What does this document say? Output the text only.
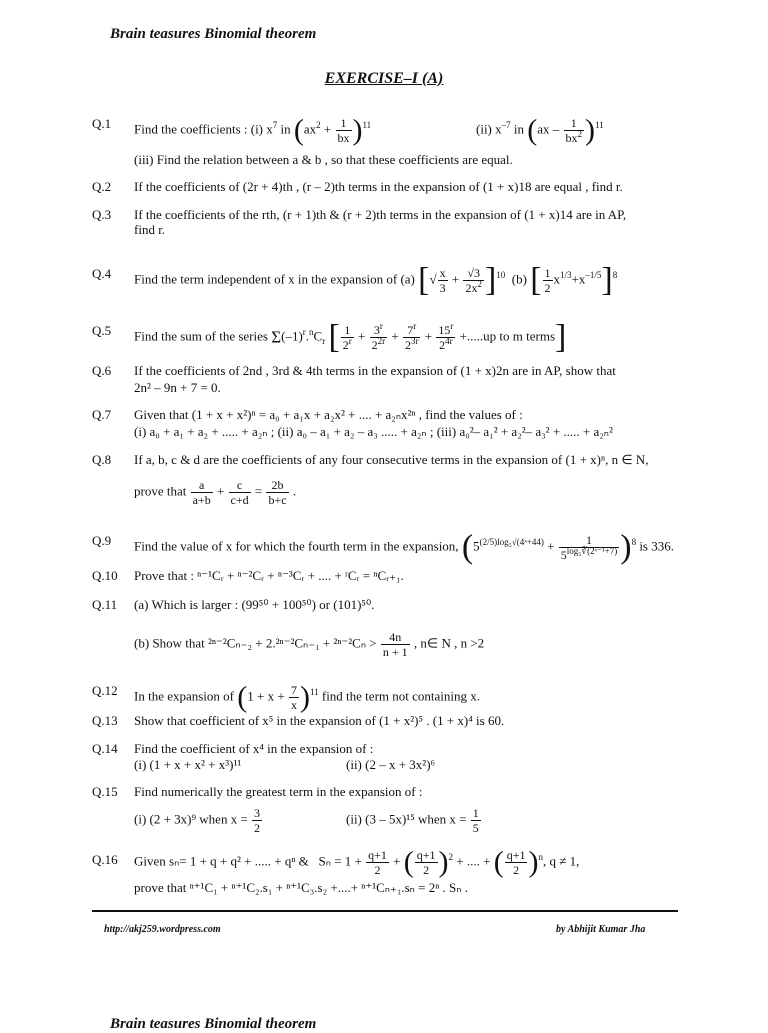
Brain teasures Binomial theorem
EXERCISE–I (A)
Q.1 Find the coefficients : (i) $x^7$ in $(ax^2 + \frac{1}{bx} )^{11}$	(ii) $x^{-7}$ in $(ax - \frac{1}{bx^2} )^{11}$
(iii) Find the relation between a & b , so that these coefficients are equal.
Q.2 If the coefficients of (2r + 4)th , (r – 2)th terms in the expansion of (1 + x)18 are equal , find r.
Q.3 If the coefficients of the rth, (r + 1)th & (r + 2)th terms in the expansion of (1 + x)14 are in AP,
find r.
Q.4 Find the term independent of x in the expansion of (a) [√ $\frac{x}{3} + \frac{√3}{2x^2} ]^{10}$ (b) [ $\frac{1}{2} x^{1/3}+x^{-1/5}]^8$
Q.5 Find the sum of the series $\Sigma(-1)^r.^nC_r$ [ $\frac{1}{2^r} + \frac{3^r}{2^{2r}} + \frac{7^r}{2^{3r}} + \frac{15^r}{2^{4r}} +.....up$ to m terms]
Q.6 If the coefficients of 2nd , 3rd & 4th terms in the expansion of (1 + x)2n are in AP, show that
2n² – 9n + 7 = 0.
Q.7 Given that (1 + x + x²)ⁿ = a₀ + a₁x + a₂x² + .... + a₂ₙx²ⁿ , find the values of :
(i) a₀ + a₁ + a₂ + ..... + a₂ₙ ; (ii) a₀ – a₁ + a₂ – a₃ ..... + a₂ₙ ; (iii) a₀²– a₁² + a₂²– a₃² + ..... + a₂ₙ²
Q.8 If a, b, c & d are the coefficients of any four consecutive terms in the expansion of (1 + x)ⁿ, n ∈ N,
prove that $\frac{a}{a+b} + \frac{c}{c+d} = \frac{2b}{b+c}$ .
Q.9 Find the value of x for which the fourth term in the expansion, $(5^{(2/5)log_5√(4ˣ+44)} + \frac{1}{5^{log_5∛(2ˣ^{-1}+7)}} )^8$ is 336.
Q.10 Prove that : ⁿ⁻¹Cᵣ + ⁿ⁻²Cᵣ + ⁿ⁻³Cᵣ + .... + ʳCᵣ = ⁿCᵣ₊₁.
Q.11 (a) Which is larger : (99⁵⁰ + 100⁵⁰) or (101)⁵⁰.
(b) Show that $^{2n-2}C_{n-2} + 2.^{2n-2}C_{n-1} + ^{2n-2}C_n > \frac{4n}{n + 1}$ , n∈ N , n >2
Q.12 In the expansion of $(1 + x + \frac{7}{x} )^{11}$ find the term not containing x.
Q.13 Show that coefficient of x⁵ in the expansion of (1 + x²)⁵ . (1 + x)⁴ is 60.
Q.14 Find the coefficient of x⁴ in the expansion of :
(i) (1 + x + x² + x³)¹¹	(ii) (2 – x + 3x²)⁶
Q.15 Find numerically the greatest term in the expansion of :
(i) (2 + 3x)⁹ when $x = \frac{3}{2}$	(ii) (3 – 5x)¹⁵ when $x = \frac{1}{5}$
Q.16 Given sₙ= 1 + q + q² + ..... + qⁿ & $S_n = 1 + \frac{q+1}{2}$ + ( $\frac{q+1}{2} )^2$ + .... + ( $\frac{q+1}{2} )^n$, q ≠ 1,
prove that ⁿ⁺¹C₁ + ⁿ⁺¹C₂.s₁ + ⁿ⁺¹C₃.s₂ +....+ ⁿ⁺¹Cₙ₊₁.sₙ = 2ⁿ . Sₙ .
http://akj259.wordpress.com	by Abhijit Kumar Jha
Brain teasures Binomial theorem
